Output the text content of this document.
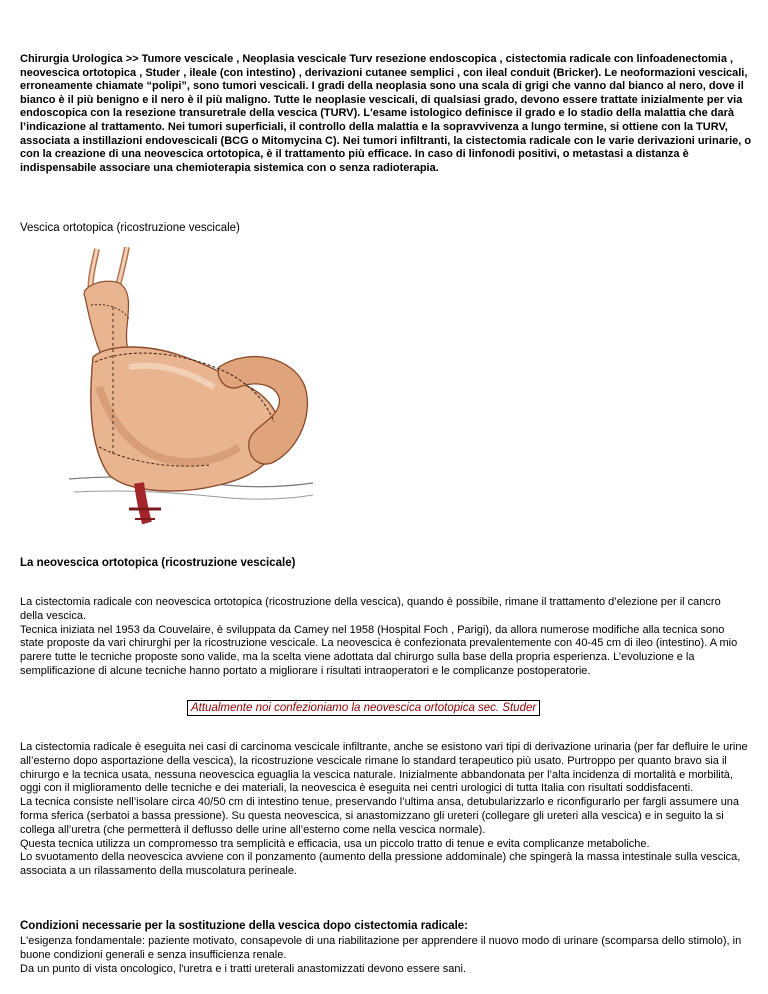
Chirurgia Urologica >> Tumore vescicale , Neoplasia vescicale Turv resezione endoscopica , cistectomia radicale con linfoadenectomia , neovescica ortotopica , Studer , ileale (con intestino) , derivazioni cutanee semplici , con ileal conduit (Bricker). Le neoformazioni vescicali, erroneamente chiamate “polipi”, sono tumori vescicali. I gradi della neoplasia sono una scala di grigi che vanno dal bianco al nero, dove il bianco è il più benigno e il nero è il più maligno. Tutte le neoplasie vescicali, di qualsiasi grado, devono essere trattate inizialmente per via endoscopica con la resezione transuretrale della vescica (TURV). L'esame istologico definisce il grado e lo stadio della malattia che darà l’indicazione al trattamento. Nei tumori superficiali, il controllo della malattia e la sopravvivenza a lungo termine, si ottiene con la TURV, associata a instillazioni endovescicali (BCG o Mitomycina C). Nei tumori infiltranti, la cistectomia radicale con le varie derivazioni urinarie, o con la creazione di una neovescica ortotopica, è il trattamento più efficace. In caso di linfonodi positivi, o metastasi a distanza è indispensabile associare una chemioterapia sistemica con o senza radioterapia.

Vescica ortotopica (ricostruzione vescicale)

La neovescica ortotopica (ricostruzione vescicale)

La cistectomia radicale con neovescica ortotopica (ricostruzione della vescica), quando è possibile, rimane il trattamento d’elezione per il cancro della vescica.
Tecnica iniziata nel 1953 da Couvelaire, è sviluppata da Camey nel 1958 (Hospital Foch , Parigi), da allora numerose modifiche alla tecnica sono state proposte da vari chirurghi per la ricostruzione vescicale. La neovescica è confezionata prevalentemente con 40-45 cm di ileo (intestino). A mio parere tutte le tecniche proposte sono valide, ma la scelta viene adottata dal chirurgo sulla base della propria esperienza. L’evoluzione e la semplificazione di alcune tecniche hanno portato a migliorare i risultati intraoperatori e le complicanze postoperatorie.
Attualmente noi confezioniamo la neovescica ortotopica sec. Studer
La cistectomia radicale è eseguita nei casi di carcinoma vescicale infiltrante, anche se esistono vari tipi di derivazione urinaria (per far defluire le urine all’esterno dopo asportazione della vescica), la ricostruzione vescicale rimane lo standard terapeutico più usato. Purtroppo per quanto bravo sia il chirurgo e la tecnica usata, nessuna neovescica eguaglia la vescica naturale. Inizialmente abbandonata per l’alta incidenza di mortalità e morbilità, oggi con il miglioramento delle tecniche e dei materiali, la neovescica è eseguita nei centri urologici di tutta Italia con risultati soddisfacenti.
La tecnica consiste nell’isolare circa 40/50 cm di intestino tenue, preservando l’ultima ansa, detubularizzarlo e riconfigurarlo per fargli assumere una forma sferica (serbatoi a bassa pressione). Su questa neovescica, si anastomizzano gli ureteri (collegare gli ureteri alla vescica) e in seguito la si collega all’uretra (che permetterà il deflusso delle urine all’esterno come nella vescica normale).
Questa tecnica utilizza un compromesso tra semplicità e efficacia, usa un piccolo tratto di tenue e evita complicanze metaboliche.
Lo svuotamento della neovescica avviene con il ponzamento (aumento della pressione addominale) che spingerà la massa intestinale sulla vescica, associata a un rilassamento della muscolatura perineale.

Condizioni necessarie per la sostituzione della vescica dopo cistectomia radicale:

L'esigenza fondamentale: paziente motivato, consapevole di una riabilitazione per apprendere il nuovo modo di urinare (scomparsa dello stimolo), in buone condizioni generali e senza insufficienza renale.
Da un punto di vista oncologico, l'uretra e i tratti ureterali anastomizzati devono essere sani.
